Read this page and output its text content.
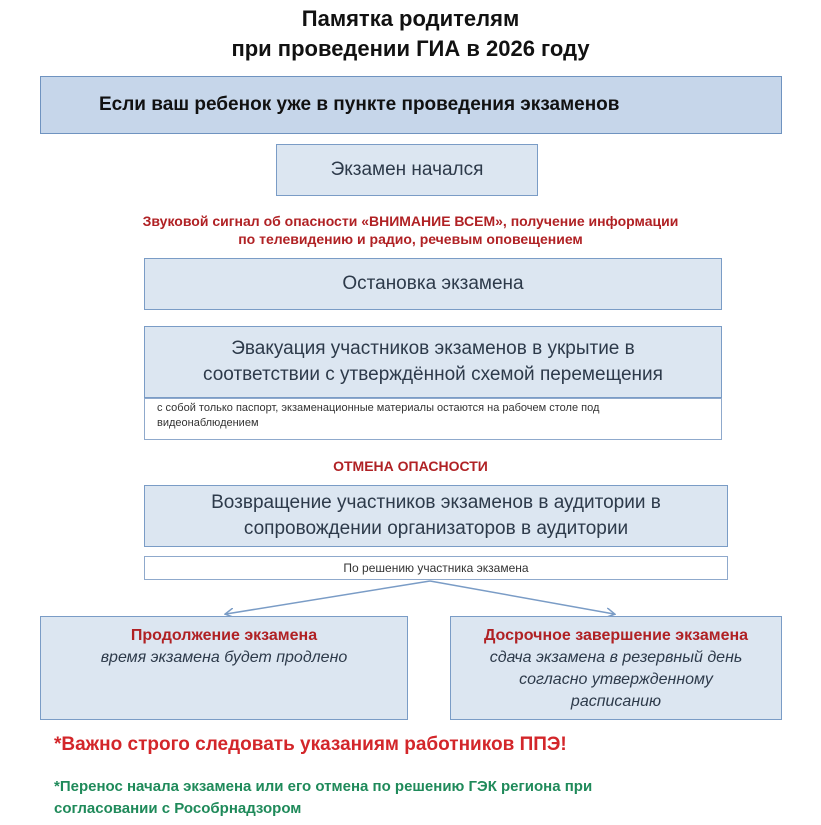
Памятка родителям
при проведении ГИА в 2026 году
Если ваш ребенок уже в пункте проведения экзаменов
Экзамен начался
Звуковой сигнал об опасности «ВНИМАНИЕ ВСЕМ», получение информации
по телевидению и радио, речевым оповещением
Остановка экзамена
Эвакуация участников экзаменов в укрытие в
соответствии с утверждённой схемой перемещения
с собой только паспорт, экзаменационные материалы остаются на рабочем столе под
видеонаблюдением
ОТМЕНА ОПАСНОСТИ
Возвращение участников экзаменов в аудитории в
сопровождении организаторов в аудитории
По решению участника экзамена
Продолжение экзамена
время экзамена будет продлено
Досрочное завершение экзамена
сдача экзамена в резервный день
согласно утвержденному
расписанию
*Важно строго следовать указаниям работников ППЭ!
*Перенос начала экзамена или его отмена по решению ГЭК региона при
согласовании с Рособрнадзором
